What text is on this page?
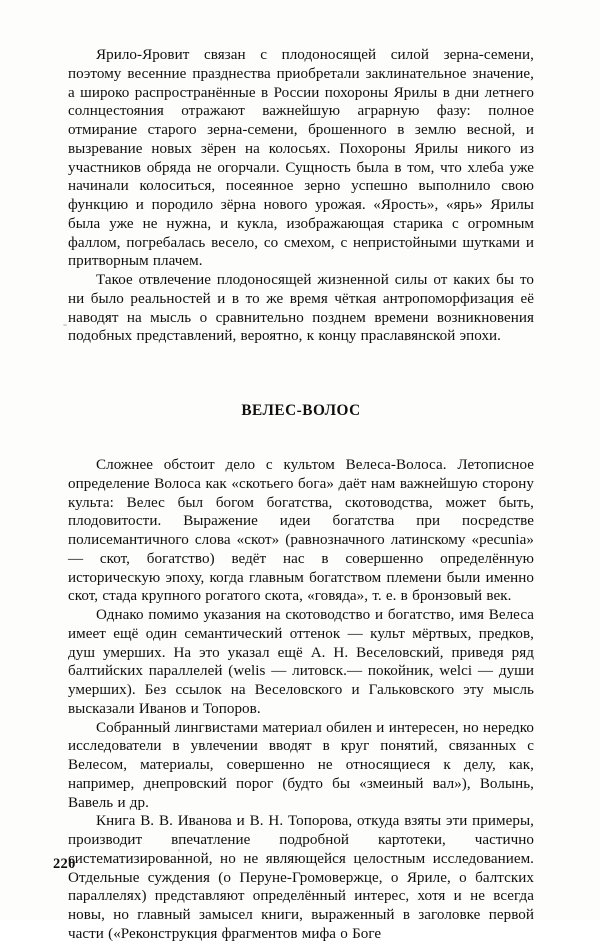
Ярило-Яровит связан с плодоносящей силой зерна-семени, поэтому весенние празднества приобретали заклинательное значение, а широко распространённые в России похороны Ярилы в дни летнего солнцестояния отражают важнейшую аграрную фазу: полное отмирание старого зерна-семени, брошенного в землю весной, и вызревание новых зёрен на колосьях. Похороны Ярилы никого из участников обряда не огорчали. Сущность была в том, что хлеба уже начинали колоситься, посеянное зерно успешно выполнило свою функцию и породило зёрна нового урожая. «Ярость», «ярь» Ярилы была уже не нужна, и кукла, изображающая старика с огромным фаллом, погребалась весело, со смехом, с непристойными шутками и притворным плачем.

Такое отвлечение плодоносящей жизненной силы от каких бы то ни было реальностей и в то же время чёткая антропоморфизация её наводят на мысль о сравнительно позднем времени возникновения подобных представлений, вероятно, к концу праславянской эпохи.

ВЕЛЕС-ВОЛОС

Сложнее обстоит дело с культом Велеса-Волоса. Летописное определение Волоса как «скотьего бога» даёт нам важнейшую сторону культа: Велес был богом богатства, скотоводства, может быть, плодовитости. Выражение идеи богатства при посредстве полисемантичного слова «скот» (равнозначного латинскому «pecunia» — скот, богатство) ведёт нас в совершенно определённую историческую эпоху, когда главным богатством племени были именно скот, стада крупного рогатого скота, «говяда», т. е. в бронзовый век.

Однако помимо указания на скотоводство и богатство, имя Велеса имеет ещё один семантический оттенок — культ мёртвых, предков, душ умерших. На это указал ещё А. Н. Веселовский, приведя ряд балтийских параллелей (welis — литовск.— покойник, welci — души умерших). Без ссылок на Веселовского и Гальковского эту мысль высказали Иванов и Топоров.

Собранный лингвистами материал обилен и интересен, но нередко исследователи в увлечении вводят в круг понятий, связанных с Велесом, материалы, совершенно не относящиеся к делу, как, например, днепровский порог (будто бы «змеиный вал»), Волынь, Вавель и др.

Книга В. В. Иванова и В. Н. Топорова, откуда взяты эти примеры, производит впечатление подробной картотеки, частично систематизированной, но не являющейся целостным исследованием. Отдельные суждения (о Перуне-Громовержце, о Яриле, о балтских параллелях) представляют определённый интерес, хотя и не всегда новы, но главный замысел книги, выраженный в заголовке первой части («Реконструкция фрагментов мифа о Боге

220
